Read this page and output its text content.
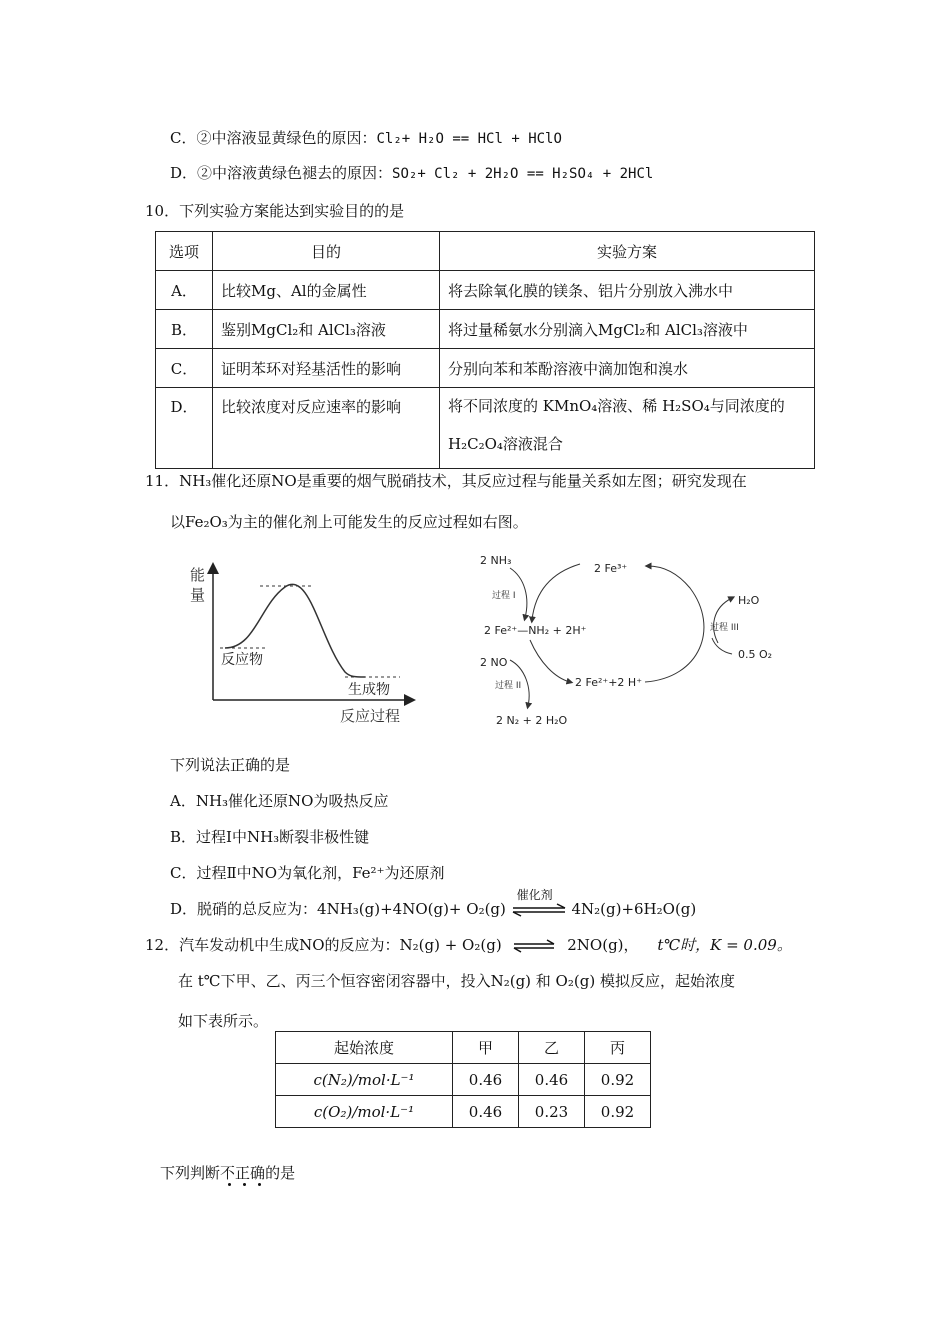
C．②中溶液显黄绿色的原因：Cl₂+ H₂O == HCl + HClO
D．②中溶液黄绿色褪去的原因：SO₂+ Cl₂ + 2H₂O == H₂SO₄ + 2HCl
10．下列实验方案能达到实验目的的是
选项	目的	实验方案
A．	比较Mg、Al的金属性	将去除氧化膜的镁条、铝片分别放入沸水中
B．	鉴别MgCl₂和 AlCl₃溶液	将过量稀氨水分别滴入MgCl₂和 AlCl₃溶液中
C．	证明苯环对羟基活性的影响	分别向苯和苯酚溶液中滴加饱和溴水
D．	比较浓度对反应速率的影响	将不同浓度的 KMnO₄溶液、稀 H₂SO₄与同浓度的
H₂C₂O₄溶液混合
11．NH₃催化还原NO是重要的烟气脱硝技术，其反应过程与能量关系如左图；研究发现在
以Fe₂O₃为主的催化剂上可能发生的反应过程如右图。
能
量
反应物
生成物
反应过程
2 NH₃
2 Fe³⁺
过程 I
2 Fe²⁺—NH₂ + 2H⁺
H₂O
过程 III
0.5 O₂
2 NO
过程 II	2 Fe²⁺+2 H⁺
2 N₂ + 2 H₂O
下列说法正确的是
A．NH₃催化还原NO为吸热反应
B．过程Ⅰ中NH₃断裂非极性键
C．过程Ⅱ中NO为氧化剂，Fe²⁺为还原剂
D．脱硝的总反应为：4NH₃(g)+4NO(g)+ O₂(g)
催化剂
4N₂(g)+6H₂O(g)
12．汽车发动机中生成NO的反应为：N₂(g) + O₂(g) ⇌ 2NO(g)， t℃时，K = 0.09。
在 t℃下甲、乙、丙三个恒容密闭容器中，投入N₂(g) 和 O₂(g) 模拟反应，起始浓度
如下表所示。
起始浓度	甲	乙	丙
c(N₂)/mol·L⁻¹	0.46	0.46	0.92
c(O₂)/mol·L⁻¹	0.46	0.23	0.92
下列判断不
正
确
的是
